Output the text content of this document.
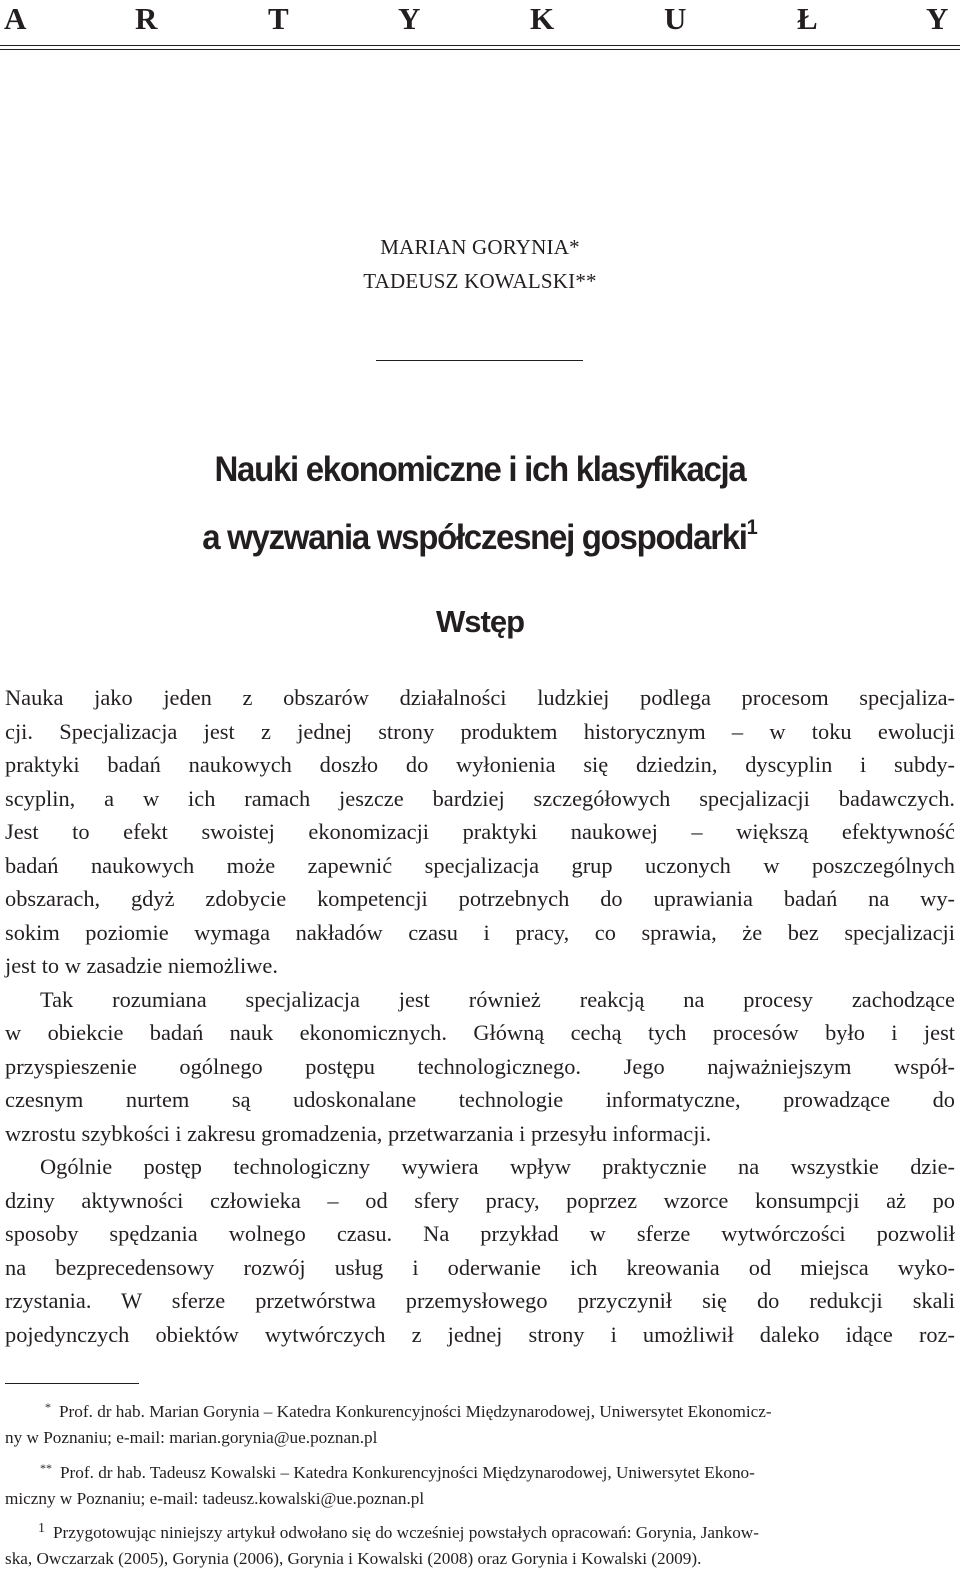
A	R	T	Y	K	U	Ł	Y
MARIAN GORYNIA*
TADEUSZ KOWALSKI**
Nauki ekonomiczne i ich klasyfikacja
a wyzwania współczesnej gospodarki$^1$
Wstęp

Nauka jako jeden z obszarów działalności ludzkiej podlega procesom specjaliza-

cji. Specjalizacja jest z jednej strony produktem historycznym – w toku ewolucji

praktyki badań naukowych doszło do wyłonienia się dziedzin, dyscyplin i subdy-

scyplin, a w ich ramach jeszcze bardziej szczegółowych specjalizacji badawczych.

Jest to efekt swoistej ekonomizacji praktyki naukowej – większą efektywność

badań naukowych może zapewnić specjalizacja grup uczonych w poszczególnych

obszarach, gdyż zdobycie kompetencji potrzebnych do uprawiania badań na wy-

sokim poziomie wymaga nakładów czasu i pracy, co sprawia, że bez specjalizacji

jest to w zasadzie niemożliwe.

Tak rozumiana specjalizacja jest również reakcją na procesy zachodzące

w obiekcie badań nauk ekonomicznych. Główną cechą tych procesów było i jest

przyspieszenie ogólnego postępu technologicznego. Jego najważniejszym współ-

czesnym nurtem są udoskonalane technologie informatyczne, prowadzące do

wzrostu szybkości i zakresu gromadzenia, przetwarzania i przesyłu informacji.

Ogólnie postęp technologiczny wywiera wpływ praktycznie na wszystkie dzie-

dziny aktywności człowieka – od sfery pracy, poprzez wzorce konsumpcji aż po

sposoby spędzania wolnego czasu. Na przykład w sferze wytwórczości pozwolił

na bezprecedensowy rozwój usług i oderwanie ich kreowania od miejsca wyko-

rzystania. W sferze przetwórstwa przemysłowego przyczynił się do redukcji skali

pojedynczych obiektów wytwórczych z jednej strony i umożliwił daleko idące roz-

* Prof. dr hab. Marian Gorynia – Katedra Konkurencyjności Międzynarodowej, Uniwersytet Ekonomicz-

ny w Poznaniu; e-mail: marian.gorynia@ue.poznan.pl

** Prof. dr hab. Tadeusz Kowalski – Katedra Konkurencyjności Międzynarodowej, Uniwersytet Ekono-

miczny w Poznaniu; e-mail: tadeusz.kowalski@ue.poznan.pl

1 Przygotowując niniejszy artykuł odwołano się do wcześniej powstałych opracowań: Gorynia, Jankow-

ska, Owczarzak (2005), Gorynia (2006), Gorynia i Kowalski (2008) oraz Gorynia i Kowalski (2009).
